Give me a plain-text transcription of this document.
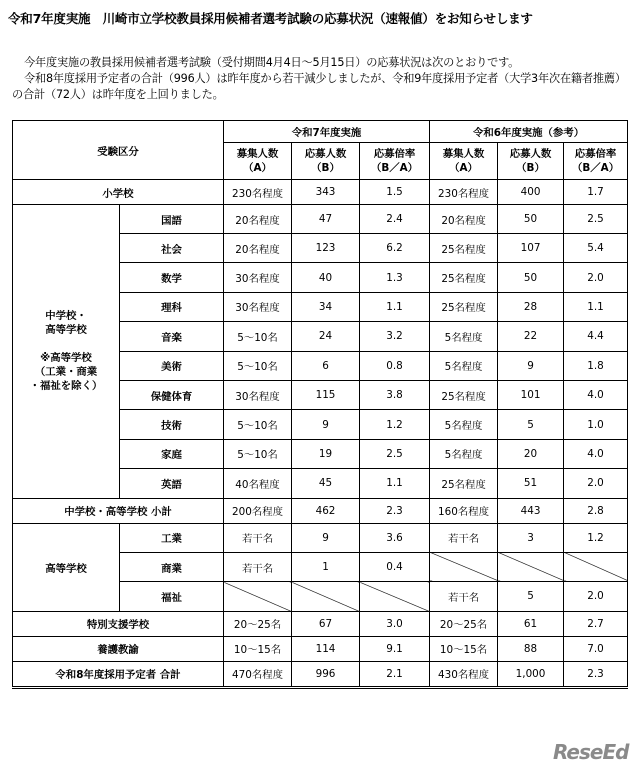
令和7年度実施　川崎市立学校教員採用候補者選考試験の応募状況（速報値）をお知らせします

今年度実施の教員採用候補者選考試験（受付期間4月4日～5月15日）の応募状況は次のとおりです。

令和8年度採用予定者の合計（996人）は昨年度から若干減少しましたが、令和9年度採用予定者（大学3年次在籍者推薦）の合計（72人）は昨年度を上回りました。

受験区分		令和7年度実施			令和6年度実施（参考）		

		募集人数
（A）	応募人数
（B）	応募倍率
（B／A）	募集人数
（A）	応募人数
（B）	応募倍率
（B／A）

小学校		230名程度	343	1.5	230名程度	400	1.7

中学校・
高等学校
※高等学校
（工業・商業
・福祉を除く）	国語	20名程度	47	2.4	20名程度	50	2.5
	社会	20名程度	123	6.2	25名程度	107	5.4
	数学	30名程度	40	1.3	25名程度	50	2.0
	理科	30名程度	34	1.1	25名程度	28	1.1
	音楽	5～10名	24	3.2	5名程度	22	4.4
	美術	5～10名	6	0.8	5名程度	9	1.8
	保健体育	30名程度	115	3.8	25名程度	101	4.0
	技術	5～10名	9	1.2	5名程度	5	1.0
	家庭	5～10名	19	2.5	5名程度	20	4.0
	英語	40名程度	45	1.1	25名程度	51	2.0
中学校・高等学校 小計		200名程度	462	2.3	160名程度	443	2.8
高等学校	工業	若干名	9	3.6	若干名	3	1.2
	商業	若干名	1	0.4			
	福祉				若干名	5	2.0
特別支援学校		20～25名	67	3.0	20～25名	61	2.7
養護教諭		10～15名	114	9.1	10～15名	88	7.0
令和8年度採用予定者 合計		470名程度	996	2.1	430名程度	1,000	2.3
ReseEd
